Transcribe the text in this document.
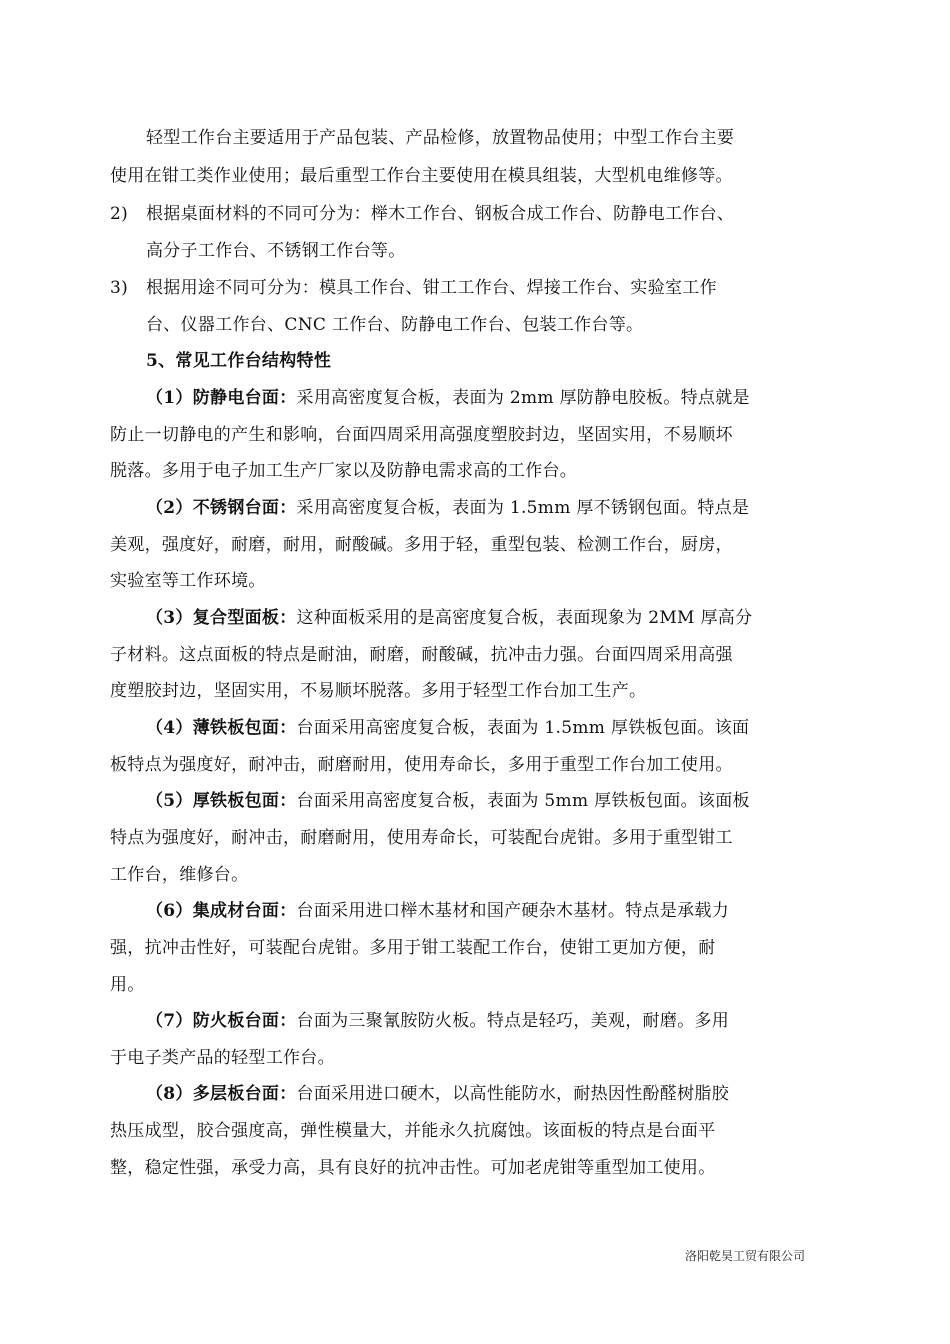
轻型工作台主要适用于产品包装、产品检修，放置物品使用；中型工作台主要
使用在钳工类作业使用；最后重型工作台主要使用在模具组装，大型机电维修等。
2) 根据桌面材料的不同可分为：榉木工作台、钢板合成工作台、防静电工作台、
高分子工作台、不锈钢工作台等。
3) 根据用途不同可分为：模具工作台、钳工工作台、焊接工作台、实验室工作
台、仪器工作台、CNC 工作台、防静电工作台、包装工作台等。
5、常见工作台结构特性
（1）防静电台面：采用高密度复合板，表面为 2mm 厚防静电胶板。特点就是
防止一切静电的产生和影响，台面四周采用高强度塑胶封边，坚固实用，不易顺坏
脱落。多用于电子加工生产厂家以及防静电需求高的工作台。
（2）不锈钢台面：采用高密度复合板，表面为 1.5mm 厚不锈钢包面。特点是
美观，强度好，耐磨，耐用，耐酸碱。多用于轻，重型包装、检测工作台，厨房，
实验室等工作环境。
（3）复合型面板：这种面板采用的是高密度复合板，表面现象为 2MM 厚高分
子材料。这点面板的特点是耐油，耐磨，耐酸碱，抗冲击力强。台面四周采用高强
度塑胶封边，坚固实用，不易顺坏脱落。多用于轻型工作台加工生产。
（4）薄铁板包面：台面采用高密度复合板，表面为 1.5mm 厚铁板包面。该面
板特点为强度好，耐冲击，耐磨耐用，使用寿命长，多用于重型工作台加工使用。
（5）厚铁板包面：台面采用高密度复合板，表面为 5mm 厚铁板包面。该面板
特点为强度好，耐冲击，耐磨耐用，使用寿命长，可装配台虎钳。多用于重型钳工
工作台，维修台。
（6）集成材台面：台面采用进口榉木基材和国产硬杂木基材。特点是承载力
强，抗冲击性好，可装配台虎钳。多用于钳工装配工作台，使钳工更加方便，耐
用。
（7）防火板台面：台面为三聚氰胺防火板。特点是轻巧，美观，耐磨。多用
于电子类产品的轻型工作台。
（8）多层板台面：台面采用进口硬木，以高性能防水，耐热因性酚醛树脂胶
热压成型，胶合强度高，弹性模量大，并能永久抗腐蚀。该面板的特点是台面平
整，稳定性强，承受力高，具有良好的抗冲击性。可加老虎钳等重型加工使用。
洛阳乾昊工贸有限公司
